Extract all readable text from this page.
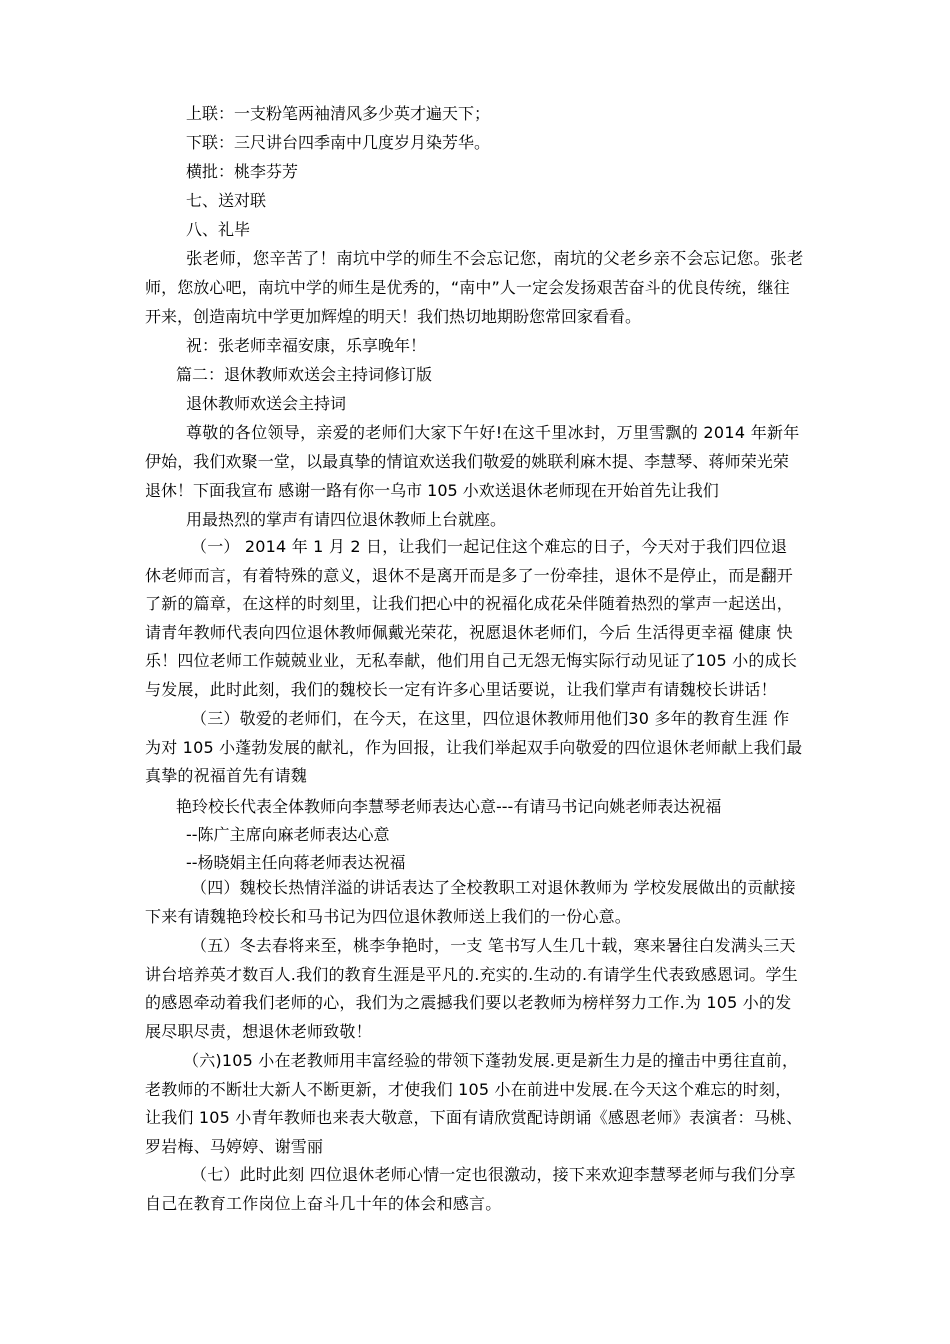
上联：一支粉笔两袖清风多少英才遍天下；
下联：三尺讲台四季南中几度岁月染芳华。
横批：桃李芬芳
七、送对联
八、礼毕
张老师，您辛苦了！南坑中学的师生不会忘记您，南坑的父老乡亲不会忘记您。张老
师，您放心吧，南坑中学的师生是优秀的，“南中”人一定会发扬艰苦奋斗的优良传统，继往
开来，创造南坑中学更加辉煌的明天！我们热切地期盼您常回家看看。
祝：张老师幸福安康，乐享晚年！
篇二：退休教师欢送会主持词修订版
退休教师欢送会主持词
尊敬的各位领导，亲爱的老师们大家下午好!在这千里冰封，万里雪飘的 2014 年新年
伊始，我们欢聚一堂，以最真挚的情谊欢送我们敬爱的姚联利麻木提、李慧琴、蒋师荣光荣
退休！下面我宣布 感谢一路有你一乌市 105 小欢送退休老师现在开始首先让我们
用最热烈的掌声有请四位退休教师上台就座。
（一） 2014 年 1 月 2 日，让我们一起记住这个难忘的日子，今天对于我们四位退休老师而言，有着特殊的意义，退休不是离开而是多了一份牵挂，退休不是停止，而是翻开了新的篇章，在这样的时刻里，让我们把心中的祝福化成花朵伴随着热烈的掌声一起送出，请青年教师代表向四位退休教师佩戴光荣花，祝愿退休老师们，今后 生活得更幸福 健康 快乐！四位老师工作兢兢业业，无私奉献，他们用自己无怨无悔实际行动见证了105 小的成长与发展，此时此刻，我们的魏校长一定有许多心里话要说，让我们掌声有请魏校长讲话！
（三）敬爱的老师们，在今天，在这里，四位退休教师用他们30 多年的教育生涯 作为对 105 小蓬勃发展的献礼，作为回报，让我们举起双手向敬爱的四位退休老师献上我们最真挚的祝福首先有请魏
艳玲校长代表全体教师向李慧琴老师表达心意---有请马书记向姚老师表达祝福
--陈广主席向麻老师表达心意
--杨晓娟主任向蒋老师表达祝福
（四）魏校长热情洋溢的讲话表达了全校教职工对退休教师为 学校发展做出的贡献接下来有请魏艳玲校长和马书记为四位退休教师送上我们的一份心意。
（五）冬去春将来至，桃李争艳时，一支 笔书写人生几十载，寒来暑往白发满头三天讲台培养英才数百人.我们的教育生涯是平凡的.充实的.生动的.有请学生代表致感恩词。学生的感恩牵动着我们老师的心，我们为之震撼我们要以老教师为榜样努力工作.为 105 小的发展尽职尽责，想退休老师致敬！
（六)105 小在老教师用丰富经验的带领下蓬勃发展.更是新生力是的撞击中勇往直前，老教师的不断壮大新人不断更新，才使我们 105 小在前进中发展.在今天这个难忘的时刻，让我们 105 小青年教师也来表大敬意，下面有请欣赏配诗朗诵《感恩老师》表演者：马桃、罗岩梅、马婷婷、谢雪丽
（七）此时此刻 四位退休老师心情一定也很激动，接下来欢迎李慧琴老师与我们分享自己在教育工作岗位上奋斗几十年的体会和感言。
